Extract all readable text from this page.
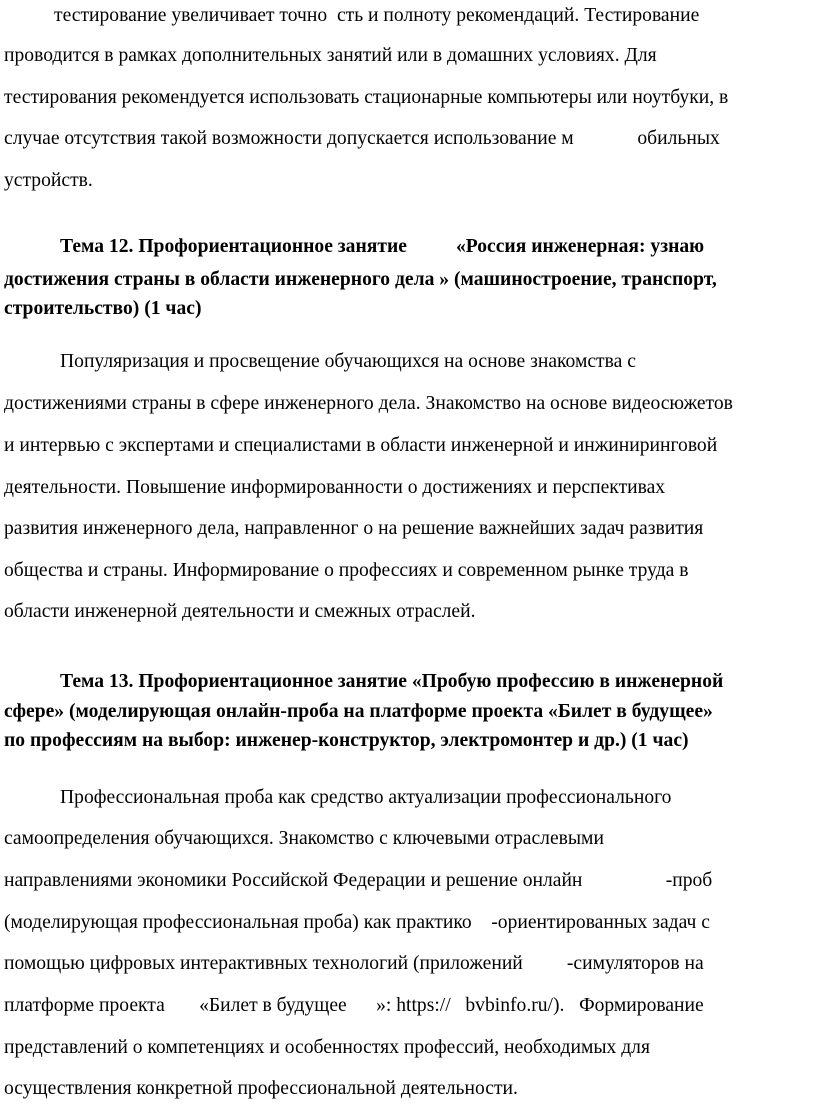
тестирование увеличивает точно  сть и полноту рекомендаций. Тестирование
проводится в рамках дополнительных занятий или в домашних условиях. Для
тестирования рекомендуется использовать стационарные компьютеры или ноутбуки, в
случае отсутствия такой возможности допускается использование м             обильных
устройств.
Тема 12. Профориентационное занятие          «Россия инженерная: узнаю
достижения страны в области инженерного дела » (машиностроение, транспорт,
строительство) (1 час)
Популяризация и просвещение обучающихся на основе знакомства с
достижениями страны в сфере инженерного дела. Знакомство на основе видеосюжетов
и интервью с экспертами и специалистами в области инженерной и инжиниринговой
деятельности. Повышение информированности о достижениях и перспективах
развития инженерного дела, направленног о на решение важнейших задач развития
общества и страны. Информирование о профессиях и современном рынке труда в
области инженерной деятельности и смежных отраслей.
Тема 13. Профориентационное занятие «Пробую профессию в инженерной
сфере» (моделирующая онлайн-проба на платформе проекта «Билет в будущее»
по профессиям на выбор: инженер-конструктор, электромонтер и др.) (1 час)
Профессиональная проба как средство актуализации профессионального
самоопределения обучающихся. Знакомство с ключевыми отраслевыми
направлениями экономики Российской Федерации и решение онлайн                 -проб
(моделирующая профессиональная проба) как практико    -ориентированных задач с
помощью цифровых интерактивных технологий (приложений         -симуляторов на
платформе проекта       «Билет в будущее      »: https://   bvbinfo.ru/).   Формирование
представлений о компетенциях и особенностях профессий, необходимых для
осуществления конкретной профессиональной деятельности.
